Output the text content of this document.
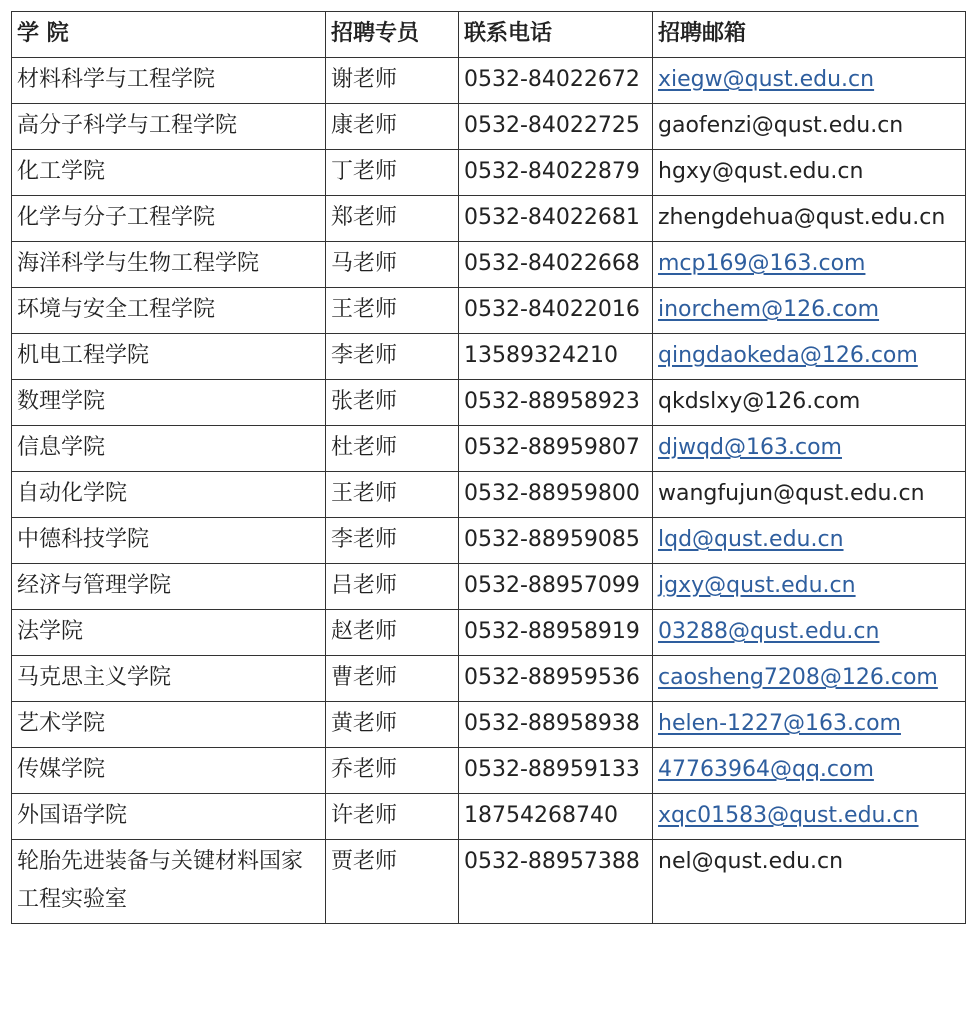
学 院	招聘专员	联系电话	招聘邮箱
材料科学与工程学院	谢老师	0532-84022672	xiegw@qust.edu.cn
高分子科学与工程学院	康老师	0532-84022725	gaofenzi@qust.edu.cn
化工学院	丁老师	0532-84022879	hgxy@qust.edu.cn
化学与分子工程学院	郑老师	0532-84022681	zhengdehua@qust.edu.cn
海洋科学与生物工程学院	马老师	0532-84022668	mcp169@163.com
环境与安全工程学院	王老师	0532-84022016	inorchem@126.com
机电工程学院	李老师	13589324210	qingdaokeda@126.com
数理学院	张老师	0532-88958923	qkdslxy@126.com
信息学院	杜老师	0532-88959807	djwqd@163.com
自动化学院	王老师	0532-88959800	wangfujun@qust.edu.cn
中德科技学院	李老师	0532-88959085	lqd@qust.edu.cn
经济与管理学院	吕老师	0532-88957099	jgxy@qust.edu.cn
法学院	赵老师	0532-88958919	03288@qust.edu.cn
马克思主义学院	曹老师	0532-88959536	caosheng7208@126.com
艺术学院	黄老师	0532-88958938	helen-1227@163.com
传媒学院	乔老师	0532-88959133	47763964@qq.com
外国语学院	许老师	18754268740	xqc01583@qust.edu.cn
轮胎先进装备与关键材料国家工程实验室	贾老师	0532-88957388	nel@qust.edu.cn
